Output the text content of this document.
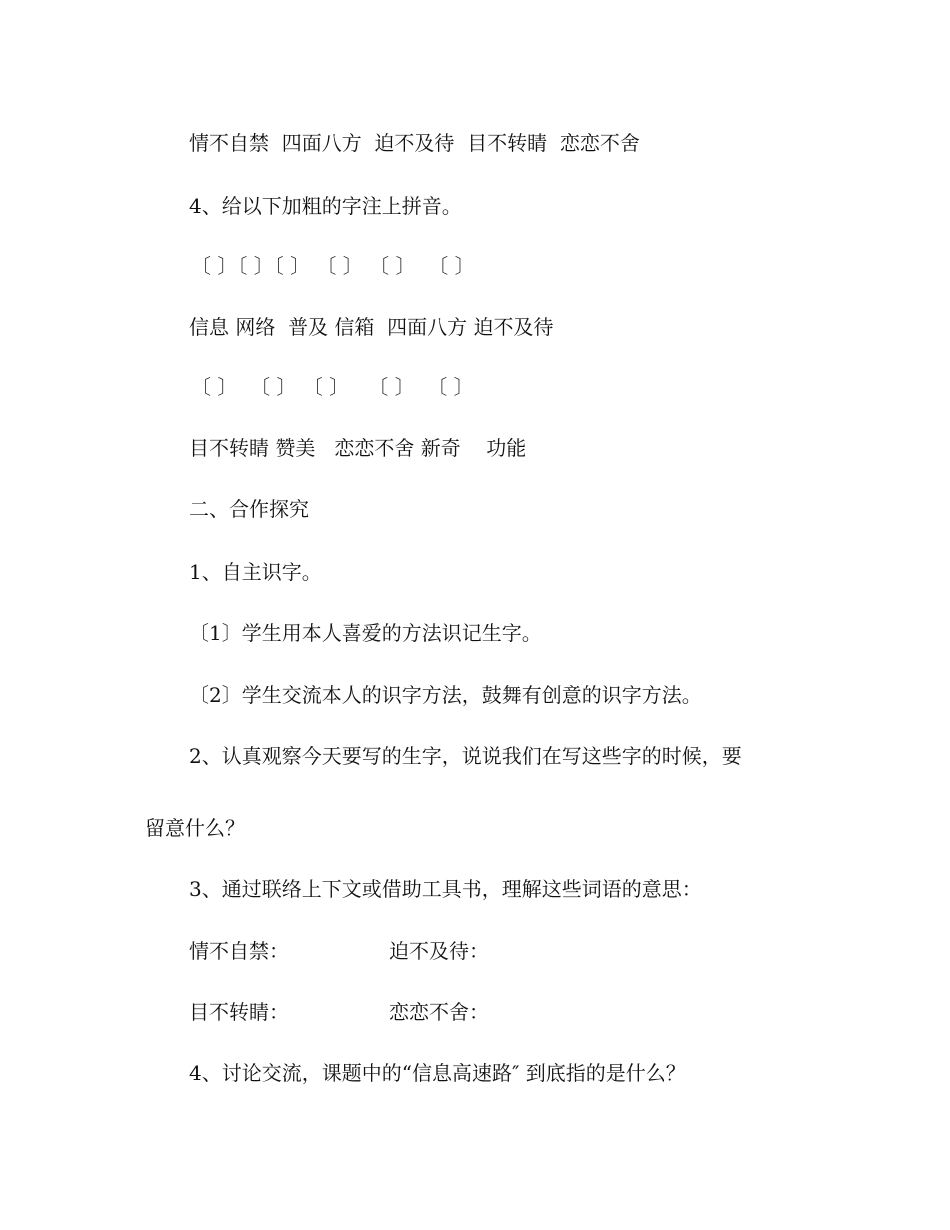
情不自禁  四面八方  迫不及待  目不转睛  恋恋不舍
4、给以下加粗的字注上拼音。
〔 〕〔 〕〔 〕 〔 〕 〔 〕  〔 〕
信息 网络  普及 信箱  四面八方 迫不及待
〔 〕  〔 〕 〔 〕   〔 〕  〔 〕
目不转睛 赞美   恋恋不舍 新奇    功能
二、合作探究
1、自主识字。
〔1〕学生用本人喜爱的方法识记生字。
〔2〕学生交流本人的识字方法，鼓舞有创意的识字方法。
2、认真观察今天要写的生字，说说我们在写这些字的时候，要
留意什么？
3、通过联络上下文或借助工具书，理解这些词语的意思：
情不自禁：	迫不及待：
目不转睛：	恋恋不舍：
4、讨论交流，课题中的“信息高速路″ 到底指的是什么？
